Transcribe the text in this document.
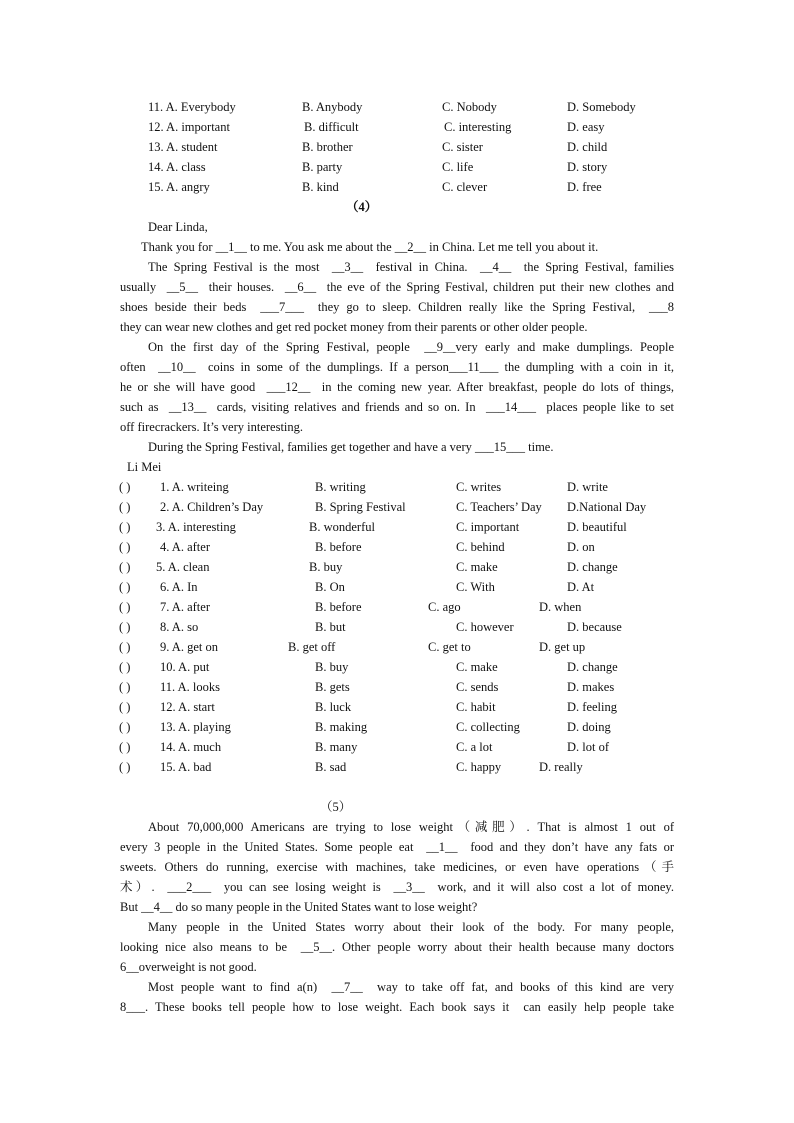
11. A. Everybody	B. Anybody	C. Nobody	D. Somebody
12. A. important	B. difficult	C. interesting	D. easy
13. A. student	B. brother	C. sister	D. child
14. A. class	B. party	C. life	D. story
15. A. angry	B. kind	C. clever	D. free
（4）
Dear Linda,
Thank you for __1__ to me. You ask me about the __2__ in China. Let me tell you about it.
The Spring Festival is the most  __3__  festival in China.  __4__  the Spring Festival, families
usually  __5__  their houses.  __6__  the eve of the Spring Festival, children put their new clothes and
shoes beside their beds  ___7___  they go to sleep. Children really like the Spring Festival,  ___8
they can wear new clothes and get red pocket money from their parents or other older people.
On the first day of the Spring Festival, people  __9__very early and make dumplings. People
often  __10__  coins in some of the dumplings. If a person___11___ the dumpling with a coin in it,
he or she will have good  ___12__  in the coming new year. After breakfast, people do lots of things,
such as  __13__  cards, visiting relatives and friends and so on. In  ___14___  places people like to set
off firecrackers. It’s very interesting.
During the Spring Festival, families get together and have a very ___15___ time.
Li Mei
( ) 1. A. writeing	B. writing	C. writes	D. write
( ) 2. A. Children’s Day	B. Spring Festival	C. Teachers’ Day D.National Day
( ) 3. A. interesting	B. wonderful	C. important	D. beautiful
( ) 4. A. after	B. before	C. behind	D. on
( ) 5. A. clean	B. buy	C. make	D. change
( ) 6. A. In	B. On	C. With	D. At
( ) 7. A. after	B. before	C. ago	D. when
( ) 8. A. so	B. but	C. however	D. because
( ) 9. A. get on	B. get off	C. get to	D. get up
( ) 10. A. put	B. buy	C. make	D. change
( ) 11. A. looks	B. gets	C. sends	D. makes
( ) 12. A. start	B. luck	C. habit	D. feeling
( ) 13. A. playing	B. making	C. collecting	D. doing
( ) 14. A. much	B. many	C. a lot	D. lot of
( ) 15. A. bad	B. sad	C. happy	D. really
（5）
About 70,000,000 Americans are trying to lose weight（减肥）. That is almost 1 out of
every 3 people in the United States. Some people eat  __1__  food and they don’t have any fats or
sweets. Others do running, exercise with machines, take medicines, or even have operations（手
术）.  ___2___  you can see losing weight is  __3__  work, and it will also cost a lot of money.
But __4__ do so many people in the United States want to lose weight?
Many people in the United States worry about their look of the body. For many people,
looking nice also means to be  __5__. Other people worry about their health because many doctors
6__overweight is not good.
Most people want to find a(n)  __7__  way to take off fat, and books of this kind are very
8___. These books tell people how to lose weight. Each book says it  can easily help people take
